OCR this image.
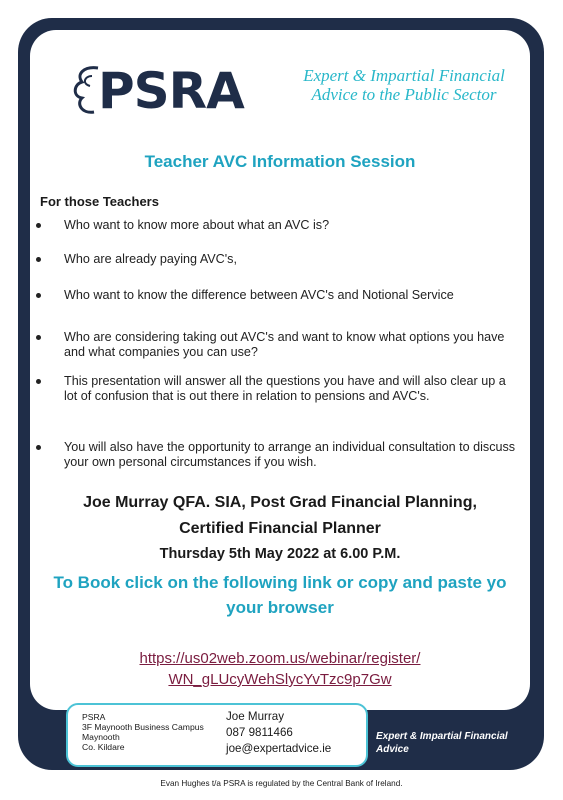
PSRA	Expert & Impartial Financial Advice to the Public Sector
Teacher AVC Information Session
For those Teachers
Who want to know more about what an AVC is?
Who are already paying AVC's,
Who want to know the difference between AVC's and Notional Service
Who are considering taking out AVC's and want to know what options you have and what companies you can use?
This presentation will answer all the questions you have and will also clear up a lot of confusion that is out there in relation to pensions and AVC's.
You will also have the opportunity to arrange an individual consultation to discuss your own personal circumstances if you wish.
Joe Murray QFA. SIA, Post Grad Financial Planning,
Certified Financial Planner
Thursday 5th May 2022 at 6.00 P.M.
To Book click on the following link or copy and paste yo
your browser
https://us02web.zoom.us/webinar/register/
WN_gLUcyWehSlycYvTzc9p7Gw
PSRA
3F Maynooth Business Campus
Maynooth
Co. Kildare
Joe Murray
087 9811466
joe@expertadvice.ie
Expert & Impartial Financial Advice
Evan Hughes t/a PSRA is regulated by the Central Bank of Ireland.
